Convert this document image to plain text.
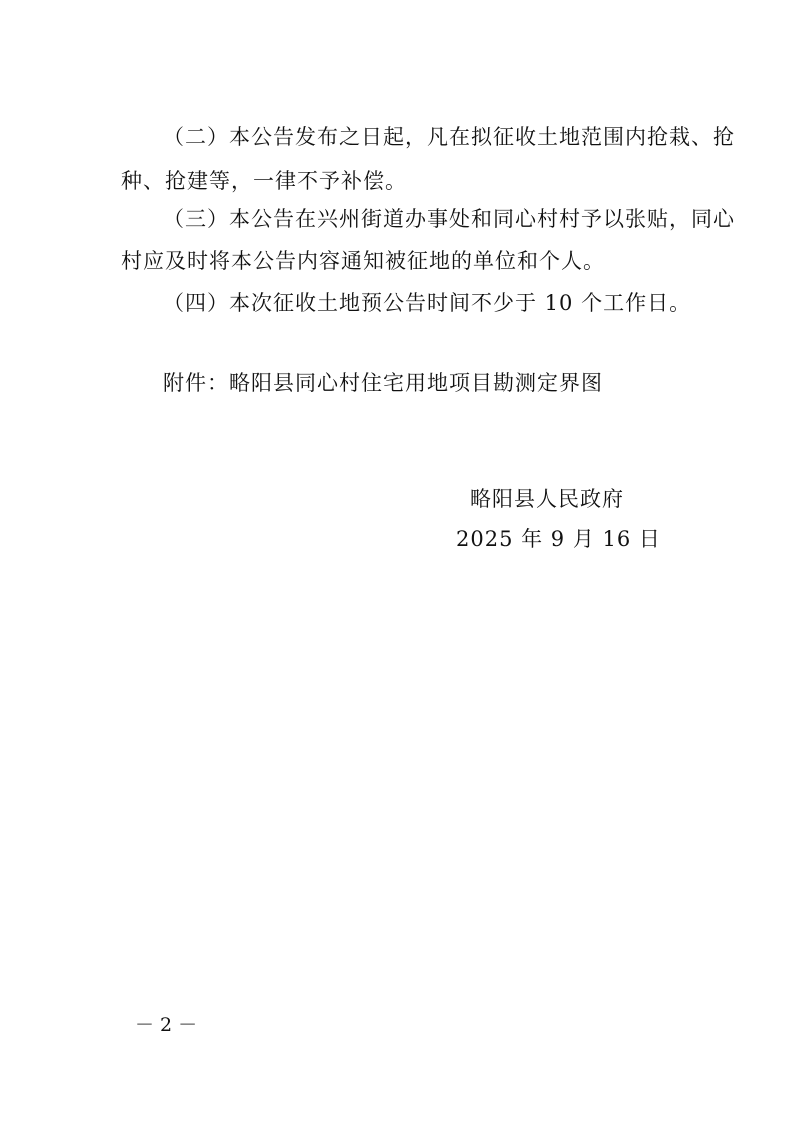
（二）本公告发布之日起，凡在拟征收土地范围内抢栽、抢
种、抢建等，一律不予补偿。
（三）本公告在兴州街道办事处和同心村村予以张贴，同心
村应及时将本公告内容通知被征地的单位和个人。
（四）本次征收土地预公告时间不少于 10 个工作日。
附件：略阳县同心村住宅用地项目勘测定界图
略阳县人民政府
2025 年 9 月 16 日
－ 2 －
